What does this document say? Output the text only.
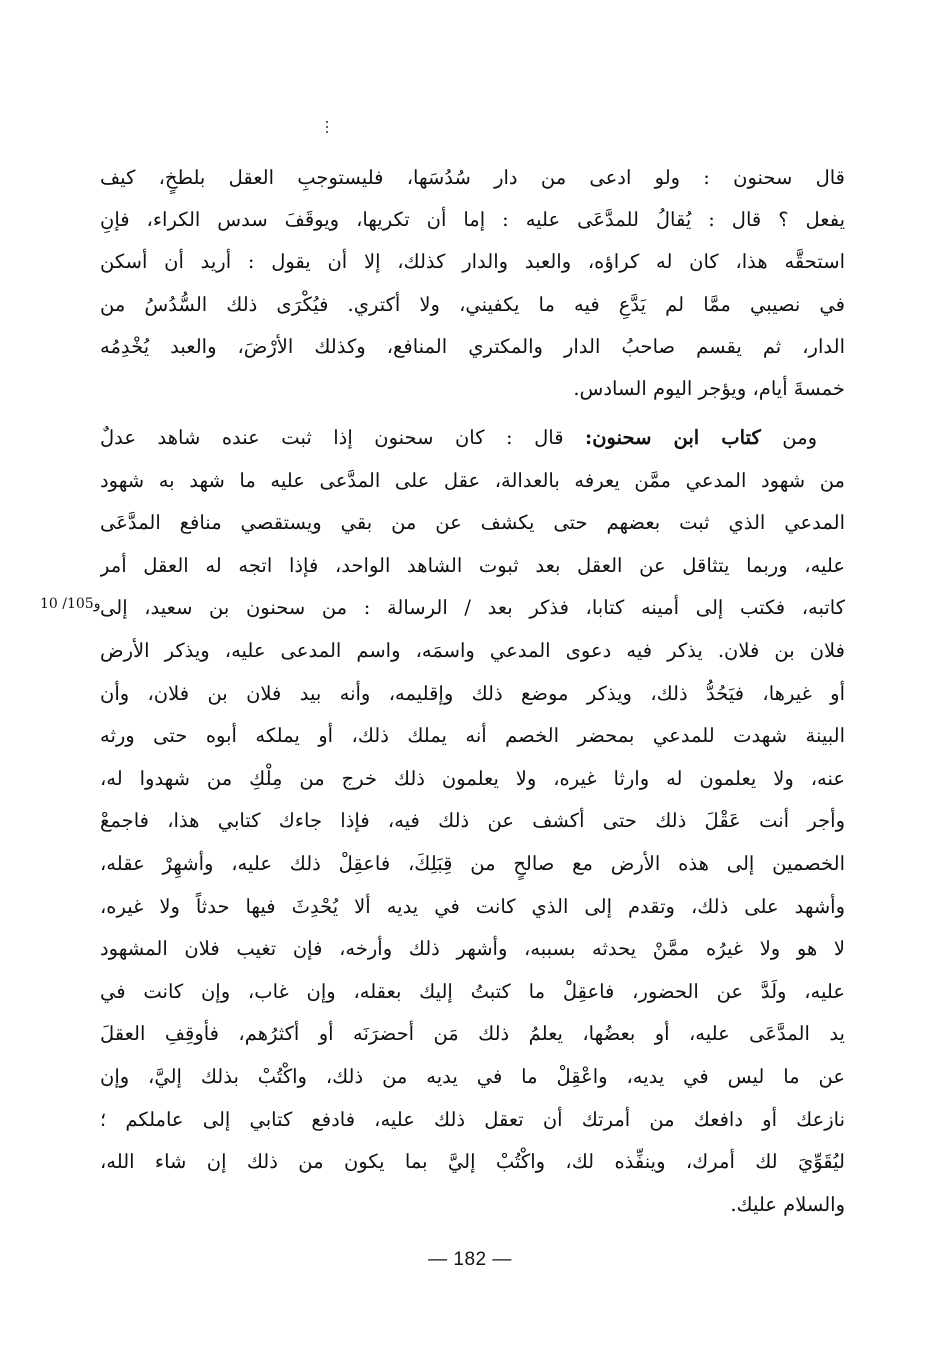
قال سحنون : ولو ادعى من دار سُدُسَها، فليستوجبِ العقل بلطخٍ، كيف
يفعل ؟ قال : يُقالُ للمدَّعَى عليه : إما أن تكريها، ويوقَفَ سدس الكراء، فإنِ
استحقَّه هذا، كان له كراؤه، والعبد والدار كذلك، إلا أن يقول : أريد أن أسكن
في نصيبي ممَّا لم يَدَّعِ فيه ما يكفيني، ولا أكتري. فيُكْرَى ذلك السُّدُسُ من
الدار، ثم يقسم صاحبُ الدار والمكتري المنافع، وكذلك الأرْضَ، والعبد يُخْدِمُه
خمسةَ أيام، ويؤجر اليوم السادس.
ومن كتاب ابن سحنون: قال : كان سحنون إذا ثبت عنده شاهد عدلٌ
من شهود المدعي ممَّن يعرفه بالعدالة، عقل على المدَّعى عليه ما شهد به شهود
المدعي الذي ثبت بعضهم حتى يكشف عن من بقي ويستقصي منافع المدَّعَى
عليه، وربما يتثاقل عن العقل بعد ثبوت الشاهد الواحد، فإذا اتجه له العقل أمر
كاتبه، فكتب إلى أمينه كتابا، فذكر بعد / الرسالة : من سحنون بن سعيد، إلى
فلان بن فلان. يذكر فيه دعوى المدعي واسمَه، واسم المدعى عليه، ويذكر الأرض
أو غيرها، فيَحُدُّ ذلك، ويذكر موضع ذلك وإقليمه، وأنه بيد فلان بن فلان، وأن
البينة شهدت للمدعي بمحضر الخصم أنه يملك ذلك، أو يملكه أبوه حتى ورثه
عنه، ولا يعلمون له وارثا غيره، ولا يعلمون ذلك خرج من مِلْكِ من شهدوا له،
وأجر أنت عَقْلَ ذلك حتى أكشف عن ذلك فيه، فإذا جاءك كتابي هذا، فاجمعْ
الخصمين إلى هذه الأرض مع صالحٍ من قِبَلِكَ، فاعقِلْ ذلك عليه، وأشهِرْ عقله،
وأشهد على ذلك، وتقدم إلى الذي كانت في يديه ألا يُحْدِثَ فيها حدثاً ولا غيره،
لا هو ولا غيرُه ممَّنْ يحدثه بسببه، وأشهر ذلك وأرخه، فإن تغيب فلان المشهود
عليه، ولَدَّ عن الحضور، فاعقِلْ ما كتبتُ إليك بعقله، وإن غاب، وإن كانت في
يد المدَّعَى عليه، أو بعضُها، يعلمُ ذلك مَن أحضرَنَه أو أكثرُهم، فأوقِفِ العقلَ
عن ما ليس في يديه، واعْقِلْ ما في يديه من ذلك، واكْتُبْ بذلك إليَّ، وإن
نازعك أو دافعك من أمرتك أن تعقل ذلك عليه، فادفع كتابي إلى عاملكم ؛
ليُقَوِّيَ لك أمرك، وينفِّذه لك، واكْتُبْ إليَّ بما يكون من ذلك إن شاء الله،
والسلام عليك.
10 /105و
— 182 —
